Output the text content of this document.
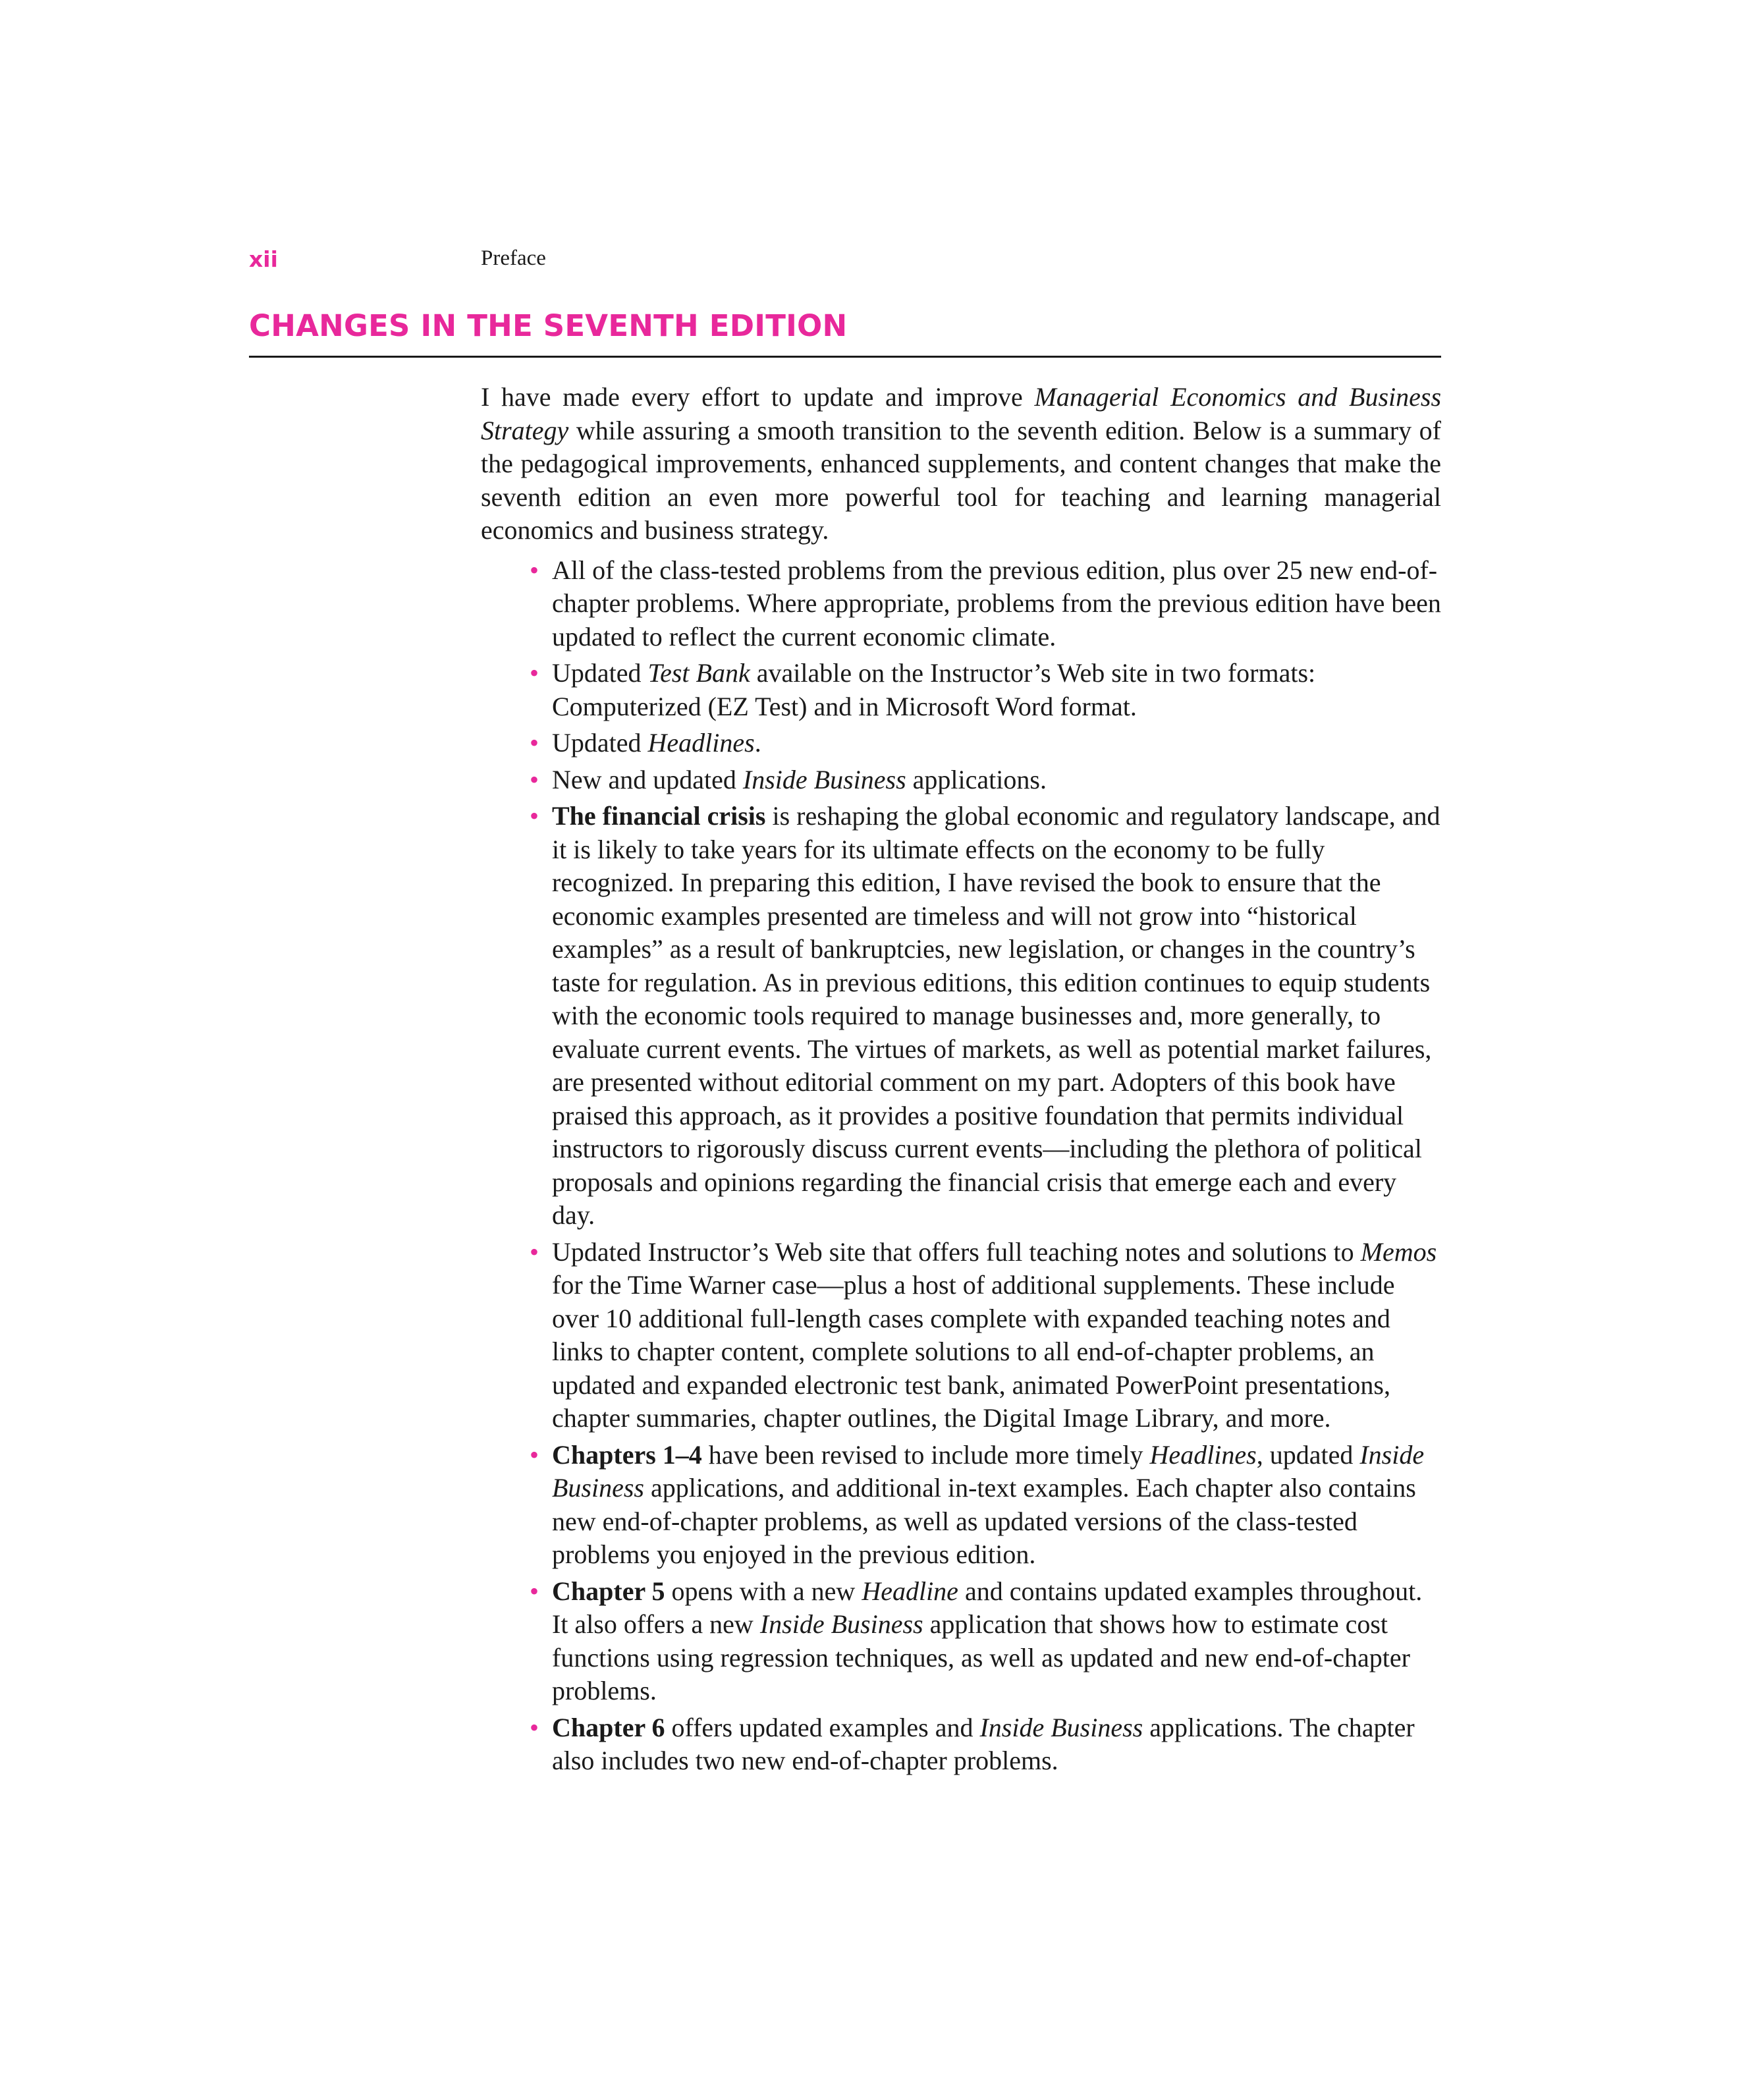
xii	Preface
CHANGES IN THE SEVENTH EDITION

I have made every effort to update and improve Managerial Economics and Business Strategy while assuring a smooth transition to the seventh edition. Below is a summary of the pedagogical improvements, enhanced supplements, and content changes that make the seventh edition an even more powerful tool for teaching and learning managerial economics and business strategy.

• All of the class-tested problems from the previous edition, plus over 25 new end-of-chapter problems. Where appropriate, problems from the previous edition have been updated to reflect the current economic climate.
• Updated Test Bank available on the Instructor’s Web site in two formats: Computerized (EZ Test) and in Microsoft Word format.
• Updated Headlines.
• New and updated Inside Business applications.
• The financial crisis is reshaping the global economic and regulatory landscape, and it is likely to take years for its ultimate effects on the economy to be fully recognized. In preparing this edition, I have revised the book to ensure that the economic examples presented are timeless and will not grow into “historical examples” as a result of bankruptcies, new legislation, or changes in the country’s taste for regulation. As in previous editions, this edition continues to equip students with the economic tools required to manage businesses and, more generally, to evaluate current events. The virtues of markets, as well as potential market failures, are presented without editorial comment on my part. Adopters of this book have praised this approach, as it provides a positive foundation that permits individual instructors to rigorously discuss current events—including the plethora of political proposals and opinions regarding the financial crisis that emerge each and every day.
• Updated Instructor’s Web site that offers full teaching notes and solutions to Memos for the Time Warner case—plus a host of additional supplements. These include over 10 additional full-length cases complete with expanded teaching notes and links to chapter content, complete solutions to all end-of-chapter problems, an updated and expanded electronic test bank, animated PowerPoint presentations, chapter summaries, chapter outlines, the Digital Image Library, and more.
• Chapters 1–4 have been revised to include more timely Headlines, updated Inside Business applications, and additional in-text examples. Each chapter also contains new end-of-chapter problems, as well as updated versions of the class-tested problems you enjoyed in the previous edition.
• Chapter 5 opens with a new Headline and contains updated examples throughout. It also offers a new Inside Business application that shows how to estimate cost functions using regression techniques, as well as updated and new end-of-chapter problems.
• Chapter 6 offers updated examples and Inside Business applications. The chapter also includes two new end-of-chapter problems.
